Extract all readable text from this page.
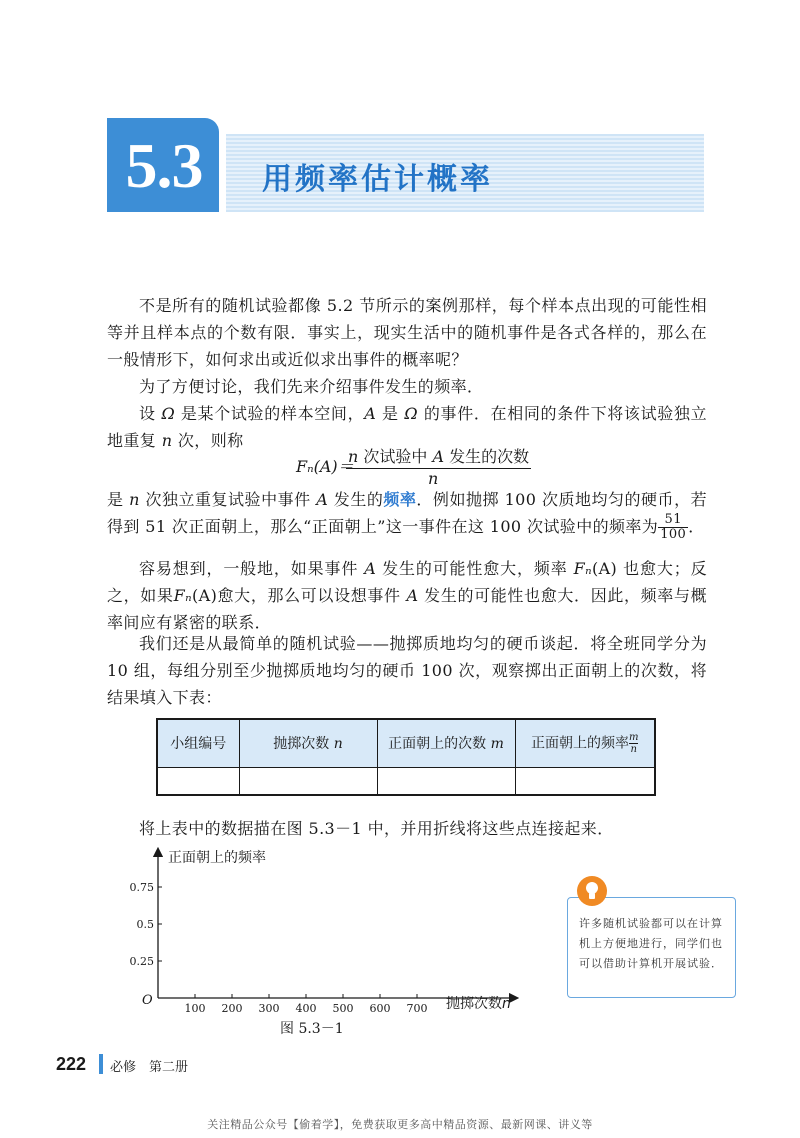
5.3	用频率估计概率
不是所有的随机试验都像 5.2 节所示的案例那样，每个样本点出现的可能性相等并且样本点的个数有限．事实上，现实生活中的随机事件是各式各样的，那么在一般情形下，如何求出或近似求出事件的概率呢？
为了方便讨论，我们先来介绍事件发生的频率．
设 Ω 是某个试验的样本空间，A 是 Ω 的事件．在相同的条件下将该试验独立地重复 n 次，则称
Fₙ(A)＝
n 次试验中 A 发生的次数
n
是 n 次独立重复试验中事件 A 发生的频率．例如抛掷 100 次质地均匀的硬币，若得到 51 次正面朝上，那么“正面朝上”这一事件在这 100 次试验中的频率为 $\frac{51}{100}$ ．
容易想到，一般地，如果事件 A 发生的可能性愈大，频率 Fₙ(A) 也愈大；反之，如果Fₙ(A)愈大，那么可以设想事件 A 发生的可能性也愈大．因此，频率与概率间应有紧密的联系．
我们还是从最简单的随机试验——抛掷质地均匀的硬币谈起．将全班同学分为 10 组，每组分别至少抛掷质地均匀的硬币 100 次，观察掷出正面朝上的次数，将结果填入下表：
小组编号	抛掷次数 n	正面朝上的次数 m	正面朝上的频率 $\frac{m}{n}$

将上表中的数据描在图 5.3－1 中，并用折线将这些点连接起来．
100 200 300 400 500 600 700
0.25
0.5
0.75
正面朝上的频率
O	抛掷次数n
图 5.3－1
许多随机试验都可以在计算机上方便地进行，同学们也可以借助计算机开展试验．
222 必修　第二册
关注精品公众号【偷着学】，免费获取更多高中精品资源、最新网课、讲义等
